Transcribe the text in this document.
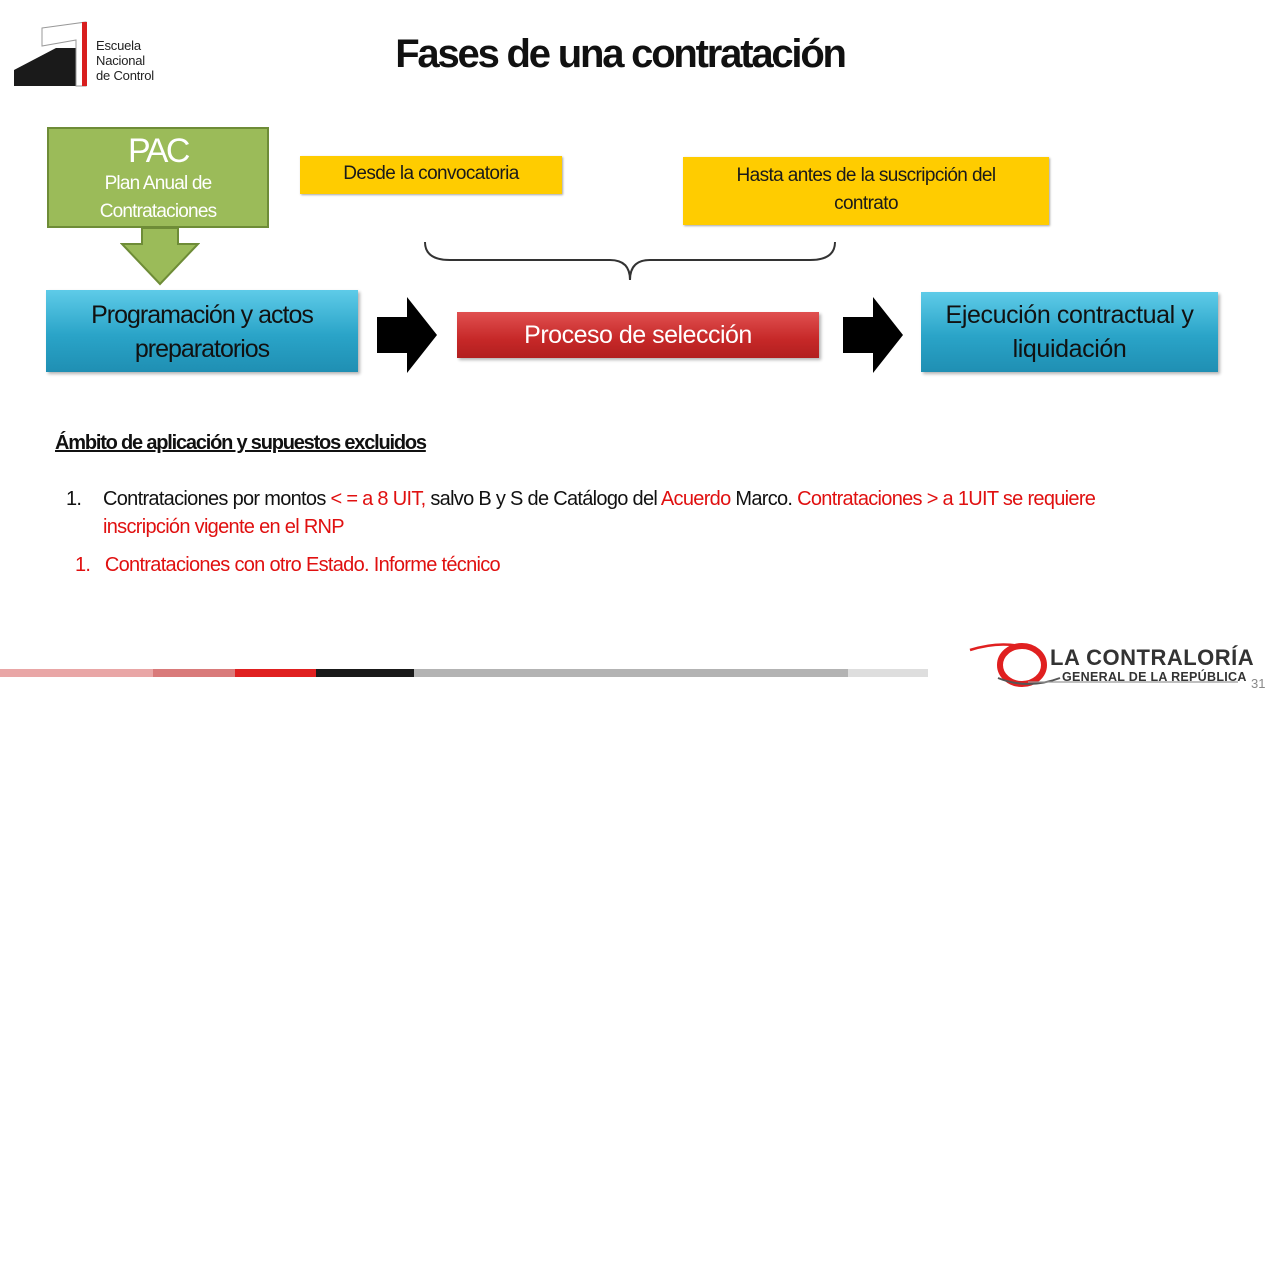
Escuela
Nacional
de Control	Fases de una contratación
PAC
Plan Anual de
Contrataciones
Desde la convocatoria	Hasta antes de la suscripción del
contrato
Programación y actos
preparatorios	Proceso de selección
Ejecución contractual y
liquidación
Ámbito de aplicación y supuestos excluidos
1. Contrataciones por montos < = a 8 UIT, salvo B y S de Catálogo del Acuerdo Marco. Contrataciones > a 1UIT se requiere inscripción vigente en el RNP
1. Contrataciones con otro Estado. Informe técnico
LA CONTRALORÍA
GENERAL DE LA REPÚBLICA 31
